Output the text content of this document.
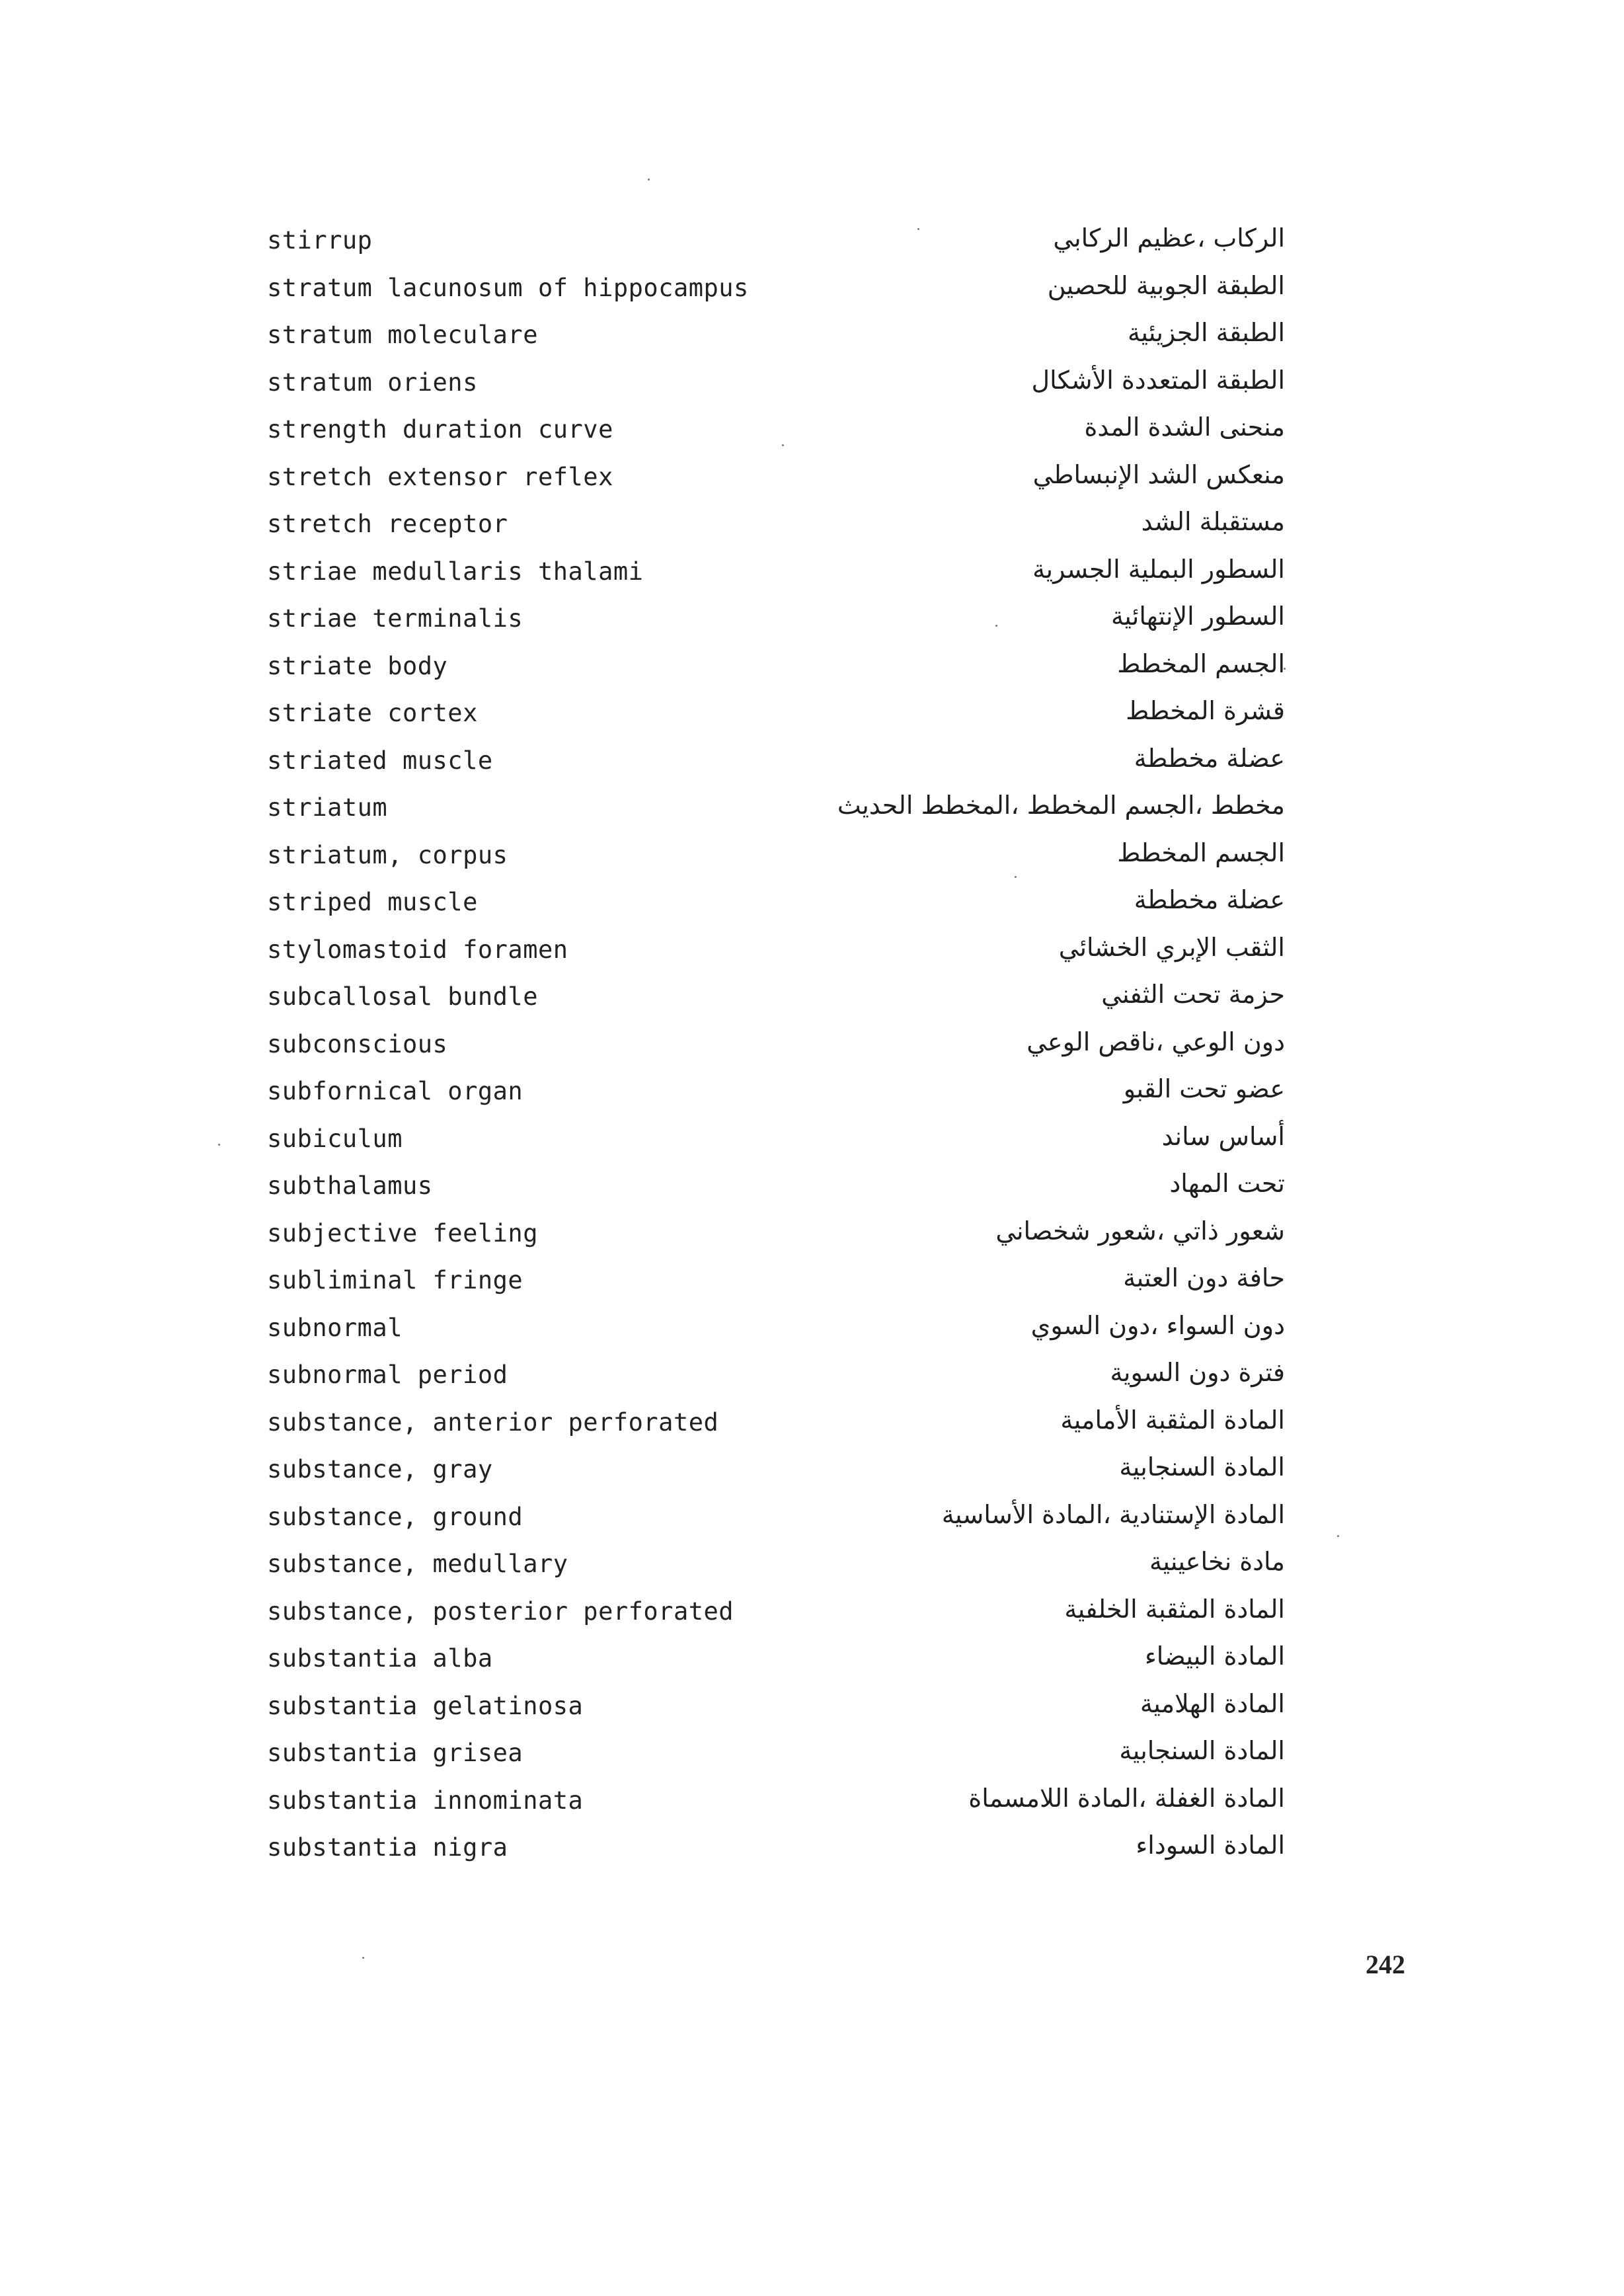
stirrup	الركاب ،عظيم الركابي
stratum lacunosum of hippocampus	الطبقة الجوبية للحصين
stratum moleculare	الطبقة الجزيئية
stratum oriens	الطبقة المتعددة الأشكال
strength duration curve	منحنى الشدة المدة
stretch extensor reflex	منعكس الشد الإنبساطي
stretch receptor	مستقبلة الشد
striae medullaris thalami	السطور البملية الجسرية
striae terminalis	السطور الإنتهائية
striate body	الجسم المخطط
striate cortex	قشرة المخطط
striated muscle	عضلة مخططة
striatum	مخطط ،الجسم المخطط ،المخطط الحديث
striatum, corpus	الجسم المخطط
striped muscle	عضلة مخططة
stylomastoid foramen	الثقب الإبري الخشائي
subcallosal bundle	حزمة تحت الثفني
subconscious	دون الوعي ،ناقص الوعي
subfornical organ	عضو تحت القبو
subiculum	أساس ساند
subthalamus	تحت المهاد
subjective feeling	شعور ذاتي ،شعور شخصاني
subliminal fringe	حافة دون العتبة
subnormal	دون السواء ،دون السوي
subnormal period	فترة دون السوية
substance, anterior perforated	المادة المثقبة الأمامية
substance, gray	المادة السنجابية
substance, ground	المادة الإستنادية ،المادة الأساسية
substance, medullary	مادة نخاعينية
substance, posterior perforated	المادة المثقبة الخلفية
substantia alba	المادة البيضاء
substantia gelatinosa	المادة الهلامية
substantia grisea	المادة السنجابية
substantia innominata	المادة الغفلة ،المادة اللامسماة
substantia nigra	المادة السوداء
242
